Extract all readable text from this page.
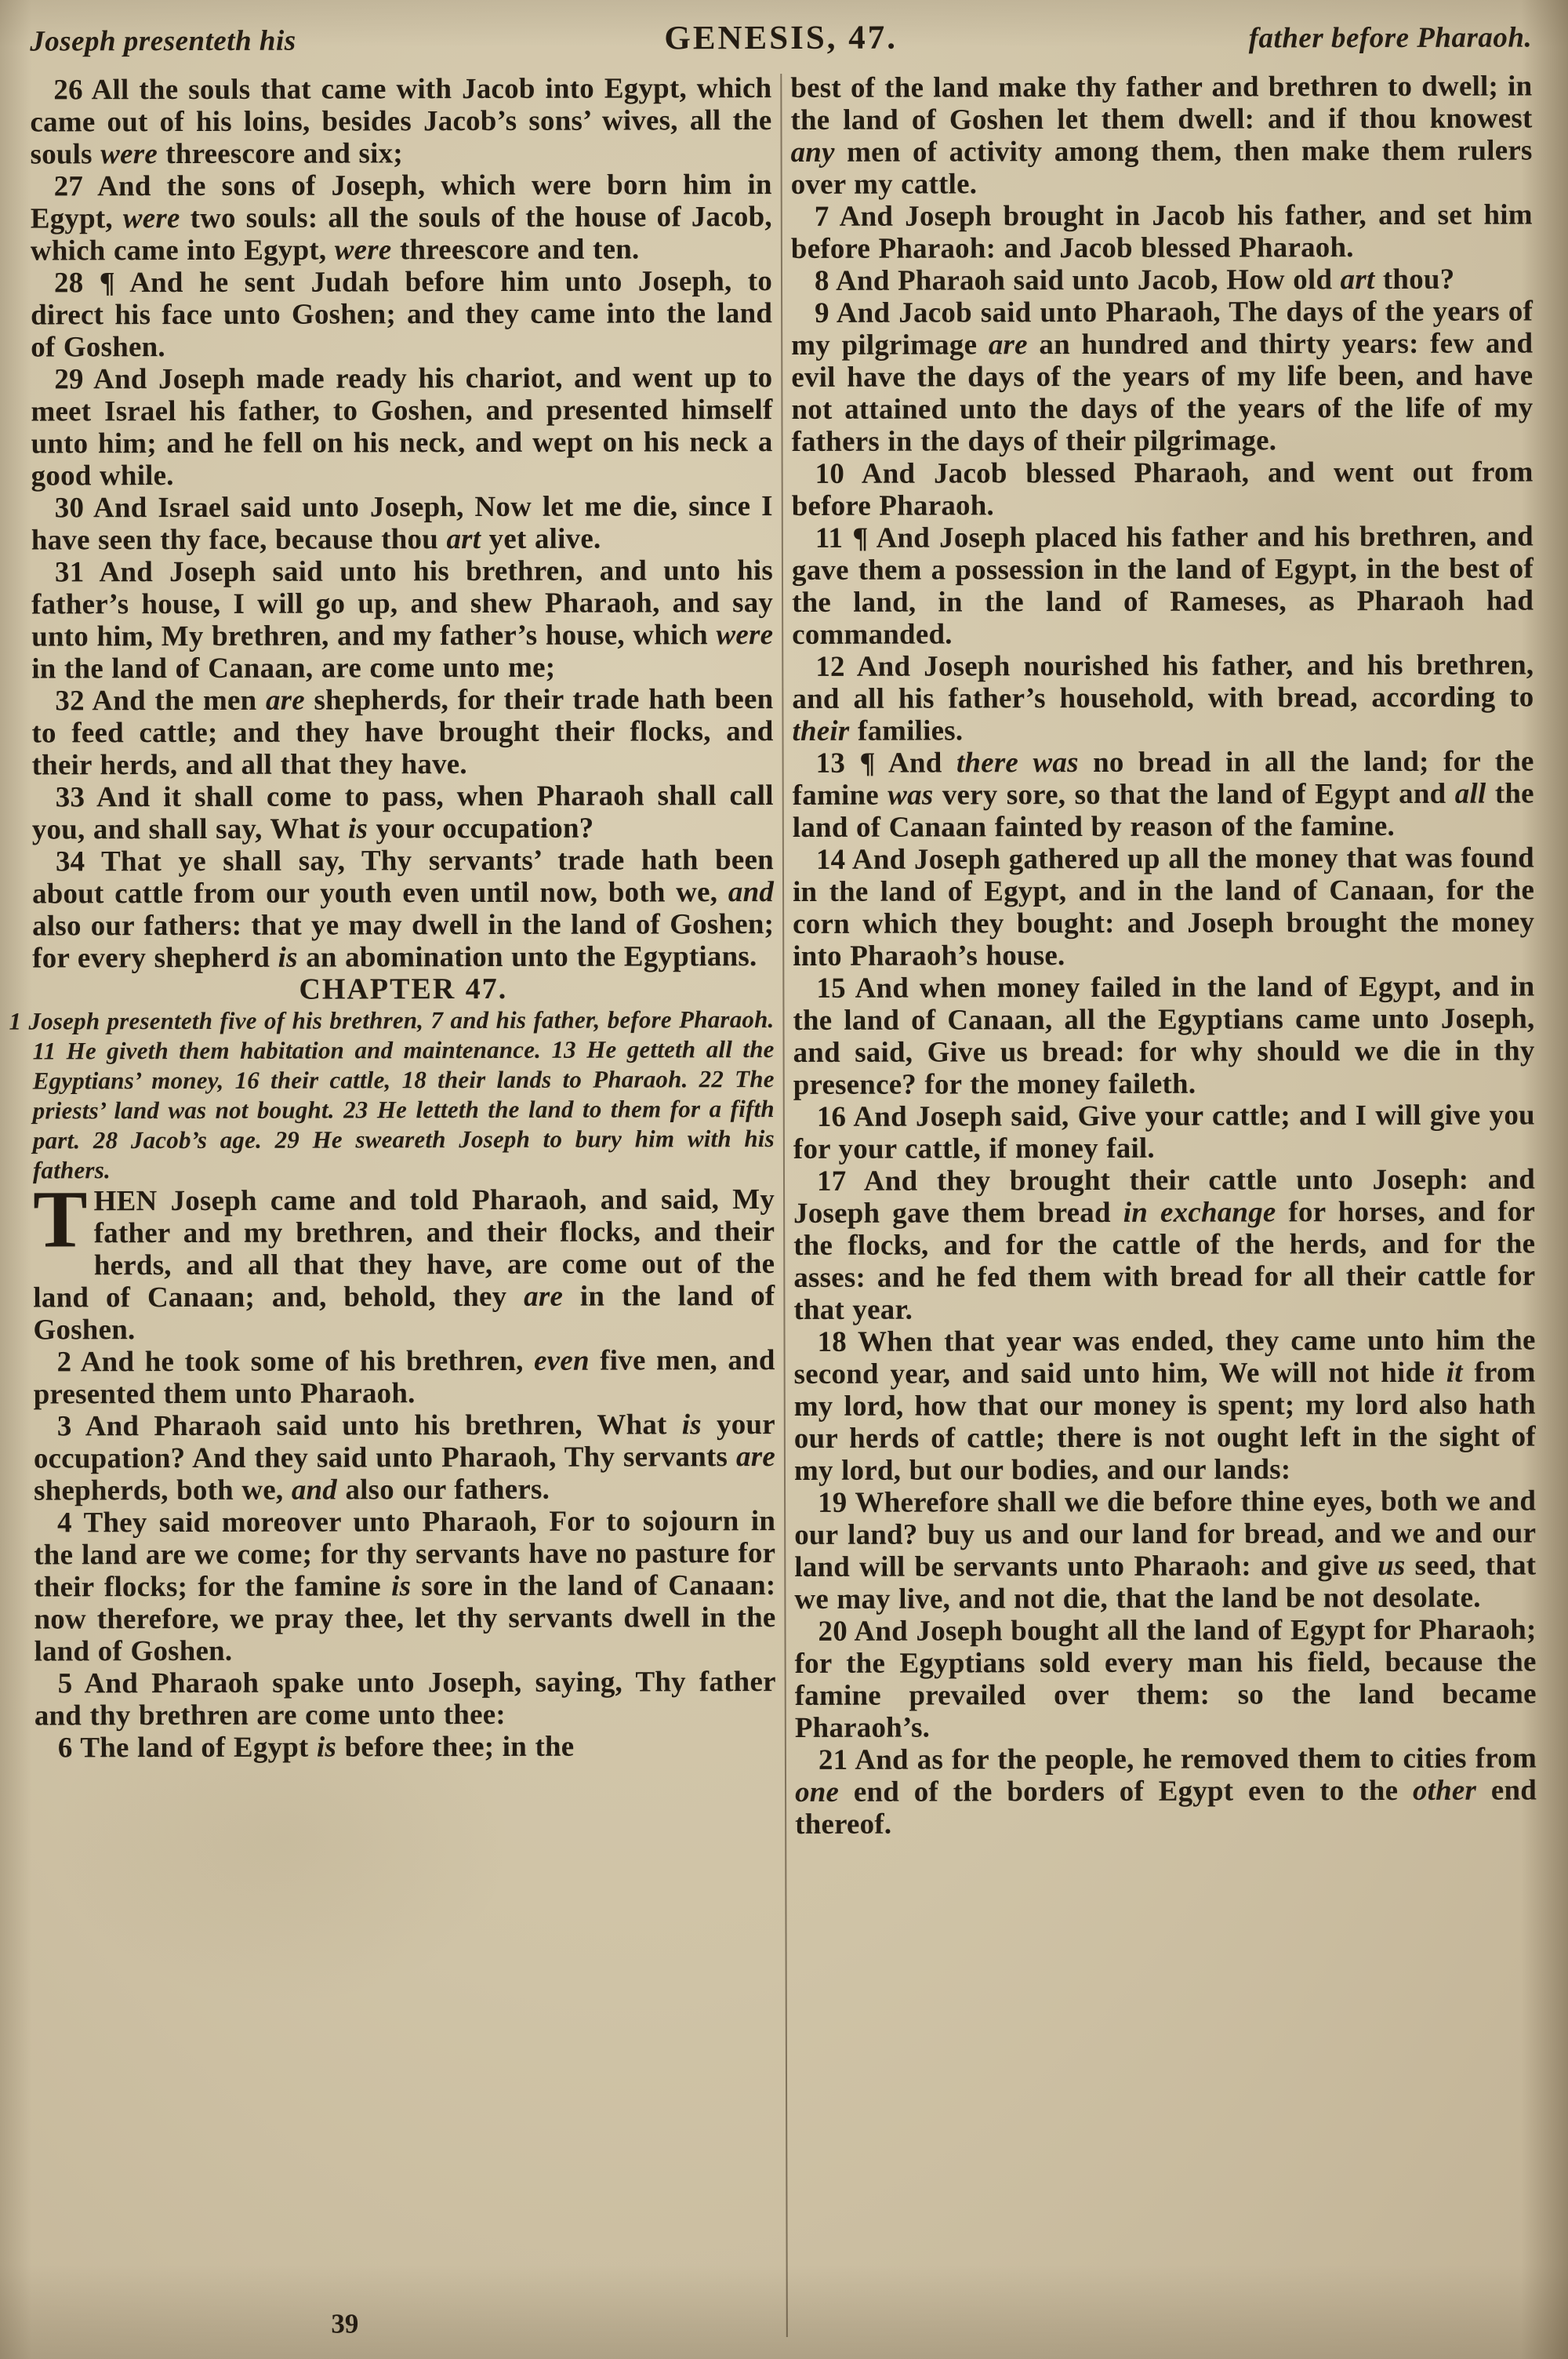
Joseph presenteth his	GENESIS, 47.	father before Pharaoh.

26 All the souls that came with Jacob into Egypt, which came out of his loins, besides Jacob’s sons’ wives, all the souls were threescore and six;

27 And the sons of Joseph, which were born him in Egypt, were two souls: all the souls of the house of Jacob, which came into Egypt, were threescore and ten.

28 ¶ And he sent Judah before him unto Joseph, to direct his face unto Goshen; and they came into the land of Goshen.

29 And Joseph made ready his chariot, and went up to meet Israel his father, to Goshen, and presented himself unto him; and he fell on his neck, and wept on his neck a good while.

30 And Israel said unto Joseph, Now let me die, since I have seen thy face, because thou art yet alive.

31 And Joseph said unto his brethren, and unto his father’s house, I will go up, and shew Pharaoh, and say unto him, My brethren, and my father’s house, which were in the land of Canaan, are come unto me;

32 And the men are shepherds, for their trade hath been to feed cattle; and they have brought their flocks, and their herds, and all that they have.

33 And it shall come to pass, when Pharaoh shall call you, and shall say, What is your occupation?

34 That ye shall say, Thy servants’ trade hath been about cattle from our youth even until now, both we, and also our fathers: that ye may dwell in the land of Goshen; for every shepherd is an abomination unto the Egyptians.

CHAPTER 47.

1 Joseph presenteth five of his brethren, 7 and his father, before Pharaoh. 11 He giveth them habitation and maintenance. 13 He getteth all the Egyptians’ money, 16 their cattle, 18 their lands to Pharaoh. 22 The priests’ land was not bought. 23 He letteth the land to them for a fifth part. 28 Jacob’s age. 29 He sweareth Joseph to bury him with his fathers.

THEN Joseph came and told Pharaoh, and said, My father and my brethren, and their flocks, and their herds, and all that they have, are come out of the land of Canaan; and, behold, they are in the land of Goshen.

2 And he took some of his brethren, even five men, and presented them unto Pharaoh.

3 And Pharaoh said unto his brethren, What is your occupation? And they said unto Pharaoh, Thy servants are shepherds, both we, and also our fathers.

4 They said moreover unto Pharaoh, For to sojourn in the land are we come; for thy servants have no pasture for their flocks; for the famine is sore in the land of Canaan: now therefore, we pray thee, let thy servants dwell in the land of Goshen.

5 And Pharaoh spake unto Joseph, saying, Thy father and thy brethren are come unto thee:

6 The land of Egypt is before thee; in the

best of the land make thy father and brethren to dwell; in the land of Goshen let them dwell: and if thou knowest any men of activity among them, then make them rulers over my cattle.

7 And Joseph brought in Jacob his father, and set him before Pharaoh: and Jacob blessed Pharaoh.

8 And Pharaoh said unto Jacob, How old art thou?

9 And Jacob said unto Pharaoh, The days of the years of my pilgrimage are an hundred and thirty years: few and evil have the days of the years of my life been, and have not attained unto the days of the years of the life of my fathers in the days of their pilgrimage.

10 And Jacob blessed Pharaoh, and went out from before Pharaoh.

11 ¶ And Joseph placed his father and his brethren, and gave them a possession in the land of Egypt, in the best of the land, in the land of Rameses, as Pharaoh had commanded.

12 And Joseph nourished his father, and his brethren, and all his father’s household, with bread, according to their families.

13 ¶ And there was no bread in all the land; for the famine was very sore, so that the land of Egypt and all the land of Canaan fainted by reason of the famine.

14 And Joseph gathered up all the money that was found in the land of Egypt, and in the land of Canaan, for the corn which they bought: and Joseph brought the money into Pharaoh’s house.

15 And when money failed in the land of Egypt, and in the land of Canaan, all the Egyptians came unto Joseph, and said, Give us bread: for why should we die in thy presence? for the money faileth.

16 And Joseph said, Give your cattle; and I will give you for your cattle, if money fail.

17 And they brought their cattle unto Joseph: and Joseph gave them bread in exchange for horses, and for the flocks, and for the cattle of the herds, and for the asses: and he fed them with bread for all their cattle for that year.

18 When that year was ended, they came unto him the second year, and said unto him, We will not hide it from my lord, how that our money is spent; my lord also hath our herds of cattle; there is not ought left in the sight of my lord, but our bodies, and our lands:

19 Wherefore shall we die before thine eyes, both we and our land? buy us and our land for bread, and we and our land will be servants unto Pharaoh: and give us seed, that we may live, and not die, that the land be not desolate.

20 And Joseph bought all the land of Egypt for Pharaoh; for the Egyptians sold every man his field, because the famine prevailed over them: so the land became Pharaoh’s.

21 And as for the people, he removed them to cities from one end of the borders of Egypt even to the other end thereof.

39
